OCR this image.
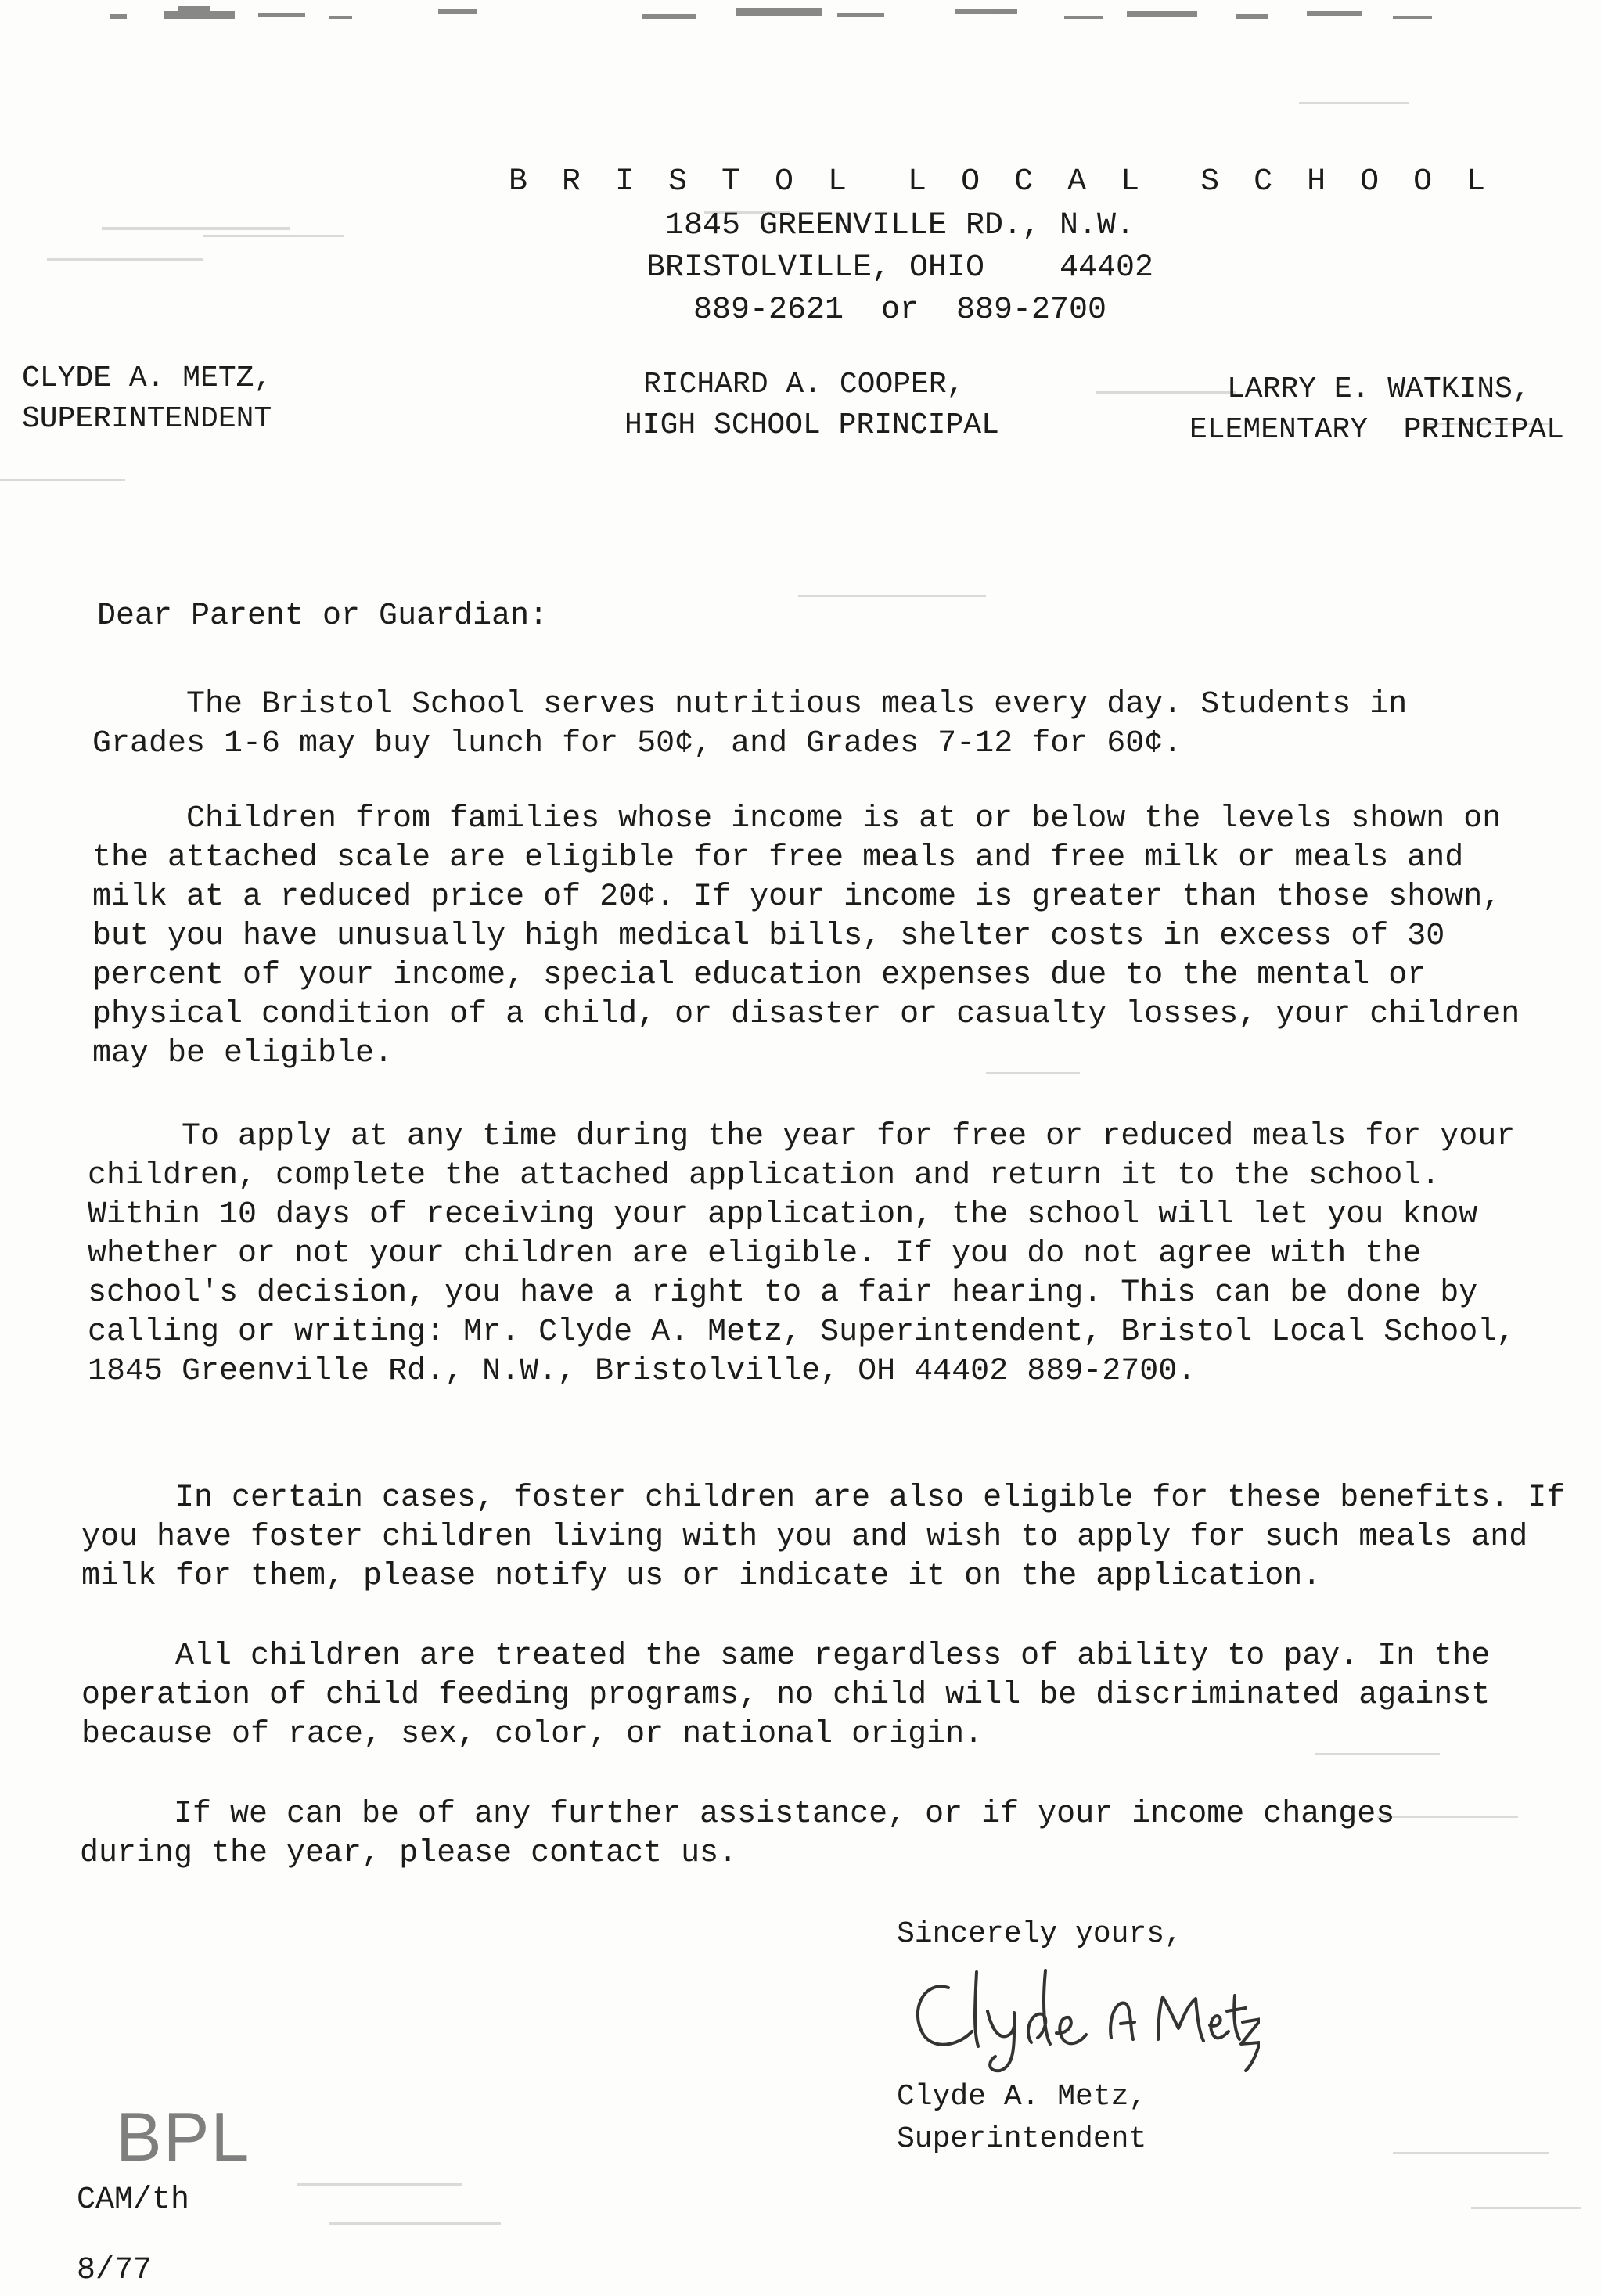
B R I S T O L  L O C A L  S C H O O L
1845 GREENVILLE RD., N.W.
BRISTOLVILLE, OHIO    44402
889-2621  or  889-2700
CLYDE A. METZ,
SUPERINTENDENT
RICHARD A. COOPER,
HIGH SCHOOL PRINCIPAL
LARRY E. WATKINS,
ELEMENTARY  PRINCIPAL
Dear Parent or Guardian:

The Bristol School serves nutritious meals every day. Students in Grades 1-6 may buy lunch for 50¢, and Grades 7-12 for 60¢.

Children from families whose income is at or below the levels shown on the attached scale are eligible for free meals and free milk or meals and milk at a reduced price of 20¢. If your income is greater than those shown, but you have unusually high medical bills, shelter costs in excess of 30 percent of your income, special education expenses due to the mental or physical condition of a child, or disaster or casualty losses, your children may be eligible.

To apply at any time during the year for free or reduced meals for your children, complete the attached application and return it to the school. Within 10 days of receiving your application, the school will let you know whether or not your children are eligible. If you do not agree with the school's decision, you have a right to a fair hearing. This can be done by calling or writing: Mr. Clyde A. Metz, Superintendent, Bristol Local School, 1845 Greenville Rd., N.W., Bristolville, OH 44402 889-2700.

In certain cases, foster children are also eligible for these benefits. If you have foster children living with you and wish to apply for such meals and milk for them, please notify us or indicate it on the application.

All children are treated the same regardless of ability to pay. In the operation of child feeding programs, no child will be discriminated against because of race, sex, color, or national origin.

If we can be of any further assistance, or if your income changes during the year, please contact us.

Sincerely yours,
Clyde A. Metz,
Superintendent
BPL
CAM/th
8/77
